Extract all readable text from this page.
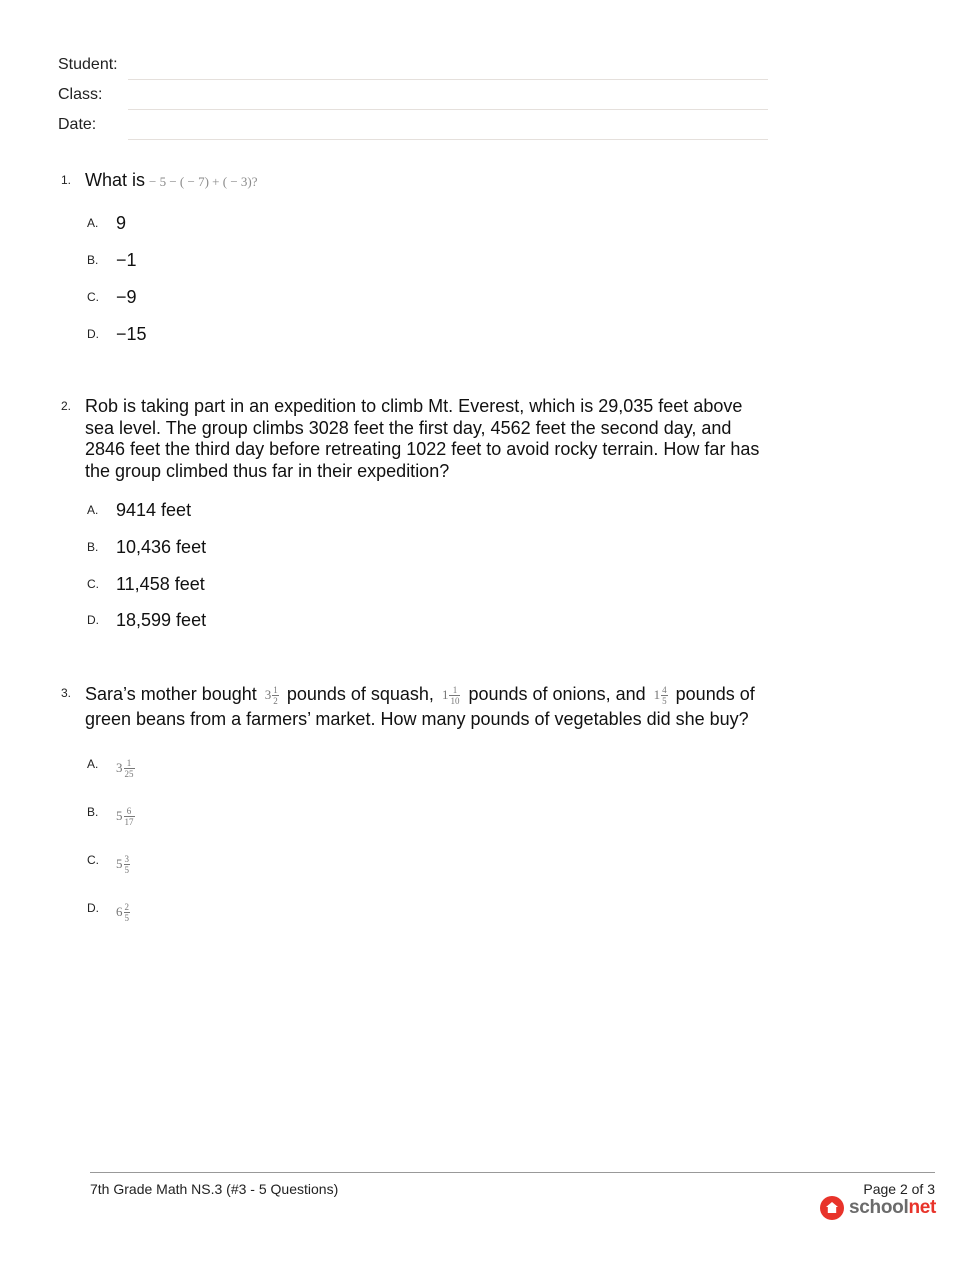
Student:
Class:
Date:
1. What is − 5 − ( − 7) + ( − 3)?
A. 9
B. −1
C. −9
D. −15
2. Rob is taking part in an expedition to climb Mt. Everest, which is 29,035 feet above sea level. The group climbs 3028 feet the first day, 4562 feet the second day, and 2846 feet the third day before retreating 1022 feet to avoid rocky terrain. How far has the group climbed thus far in their expedition?
A. 9414 feet
B. 10,436 feet
C. 11,458 feet
D. 18,599 feet
3. Sara’s mother bought $3 \frac{1}{2}$ pounds of squash, $1 \frac{1}{10}$ pounds of onions, and $1 \frac{4}{5}$ pounds of
green beans from a farmers’ market. How many pounds of vegetables did she buy?
A. $3 \frac{1}{25}$
B. $5 \frac{6}{17}$
C. $5 \frac{3}{5}$
D. $6 \frac{2}{5}$
7th Grade Math NS.3 (#3 - 5 Questions)	Page 2 of 3
schoolnet
